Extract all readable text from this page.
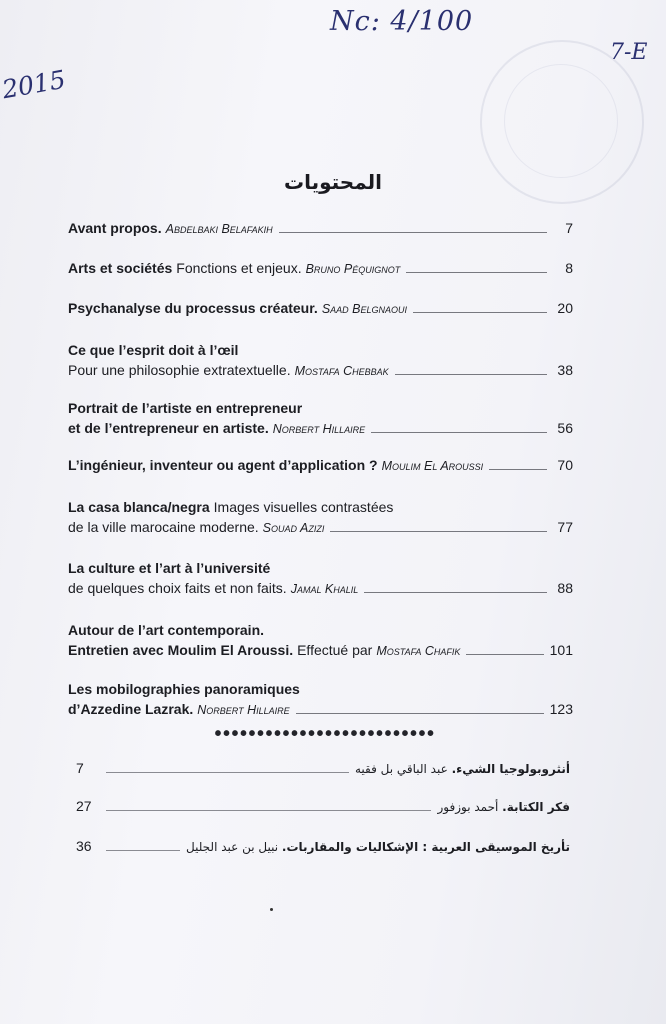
Nc: 4/100
2015
7-E
المحتويات
Avant propos. Abdelbaki Belafakih	7
Arts et sociétés Fonctions et enjeux. Bruno Péquignot	8
Psychanalyse du processus créateur. Saad Belgnaoui	20
Ce que l’esprit doit à l’œil
Pour une philosophie extratextuelle. Mostafa Chebbak	38
Portrait de l’artiste en entrepreneur
et de l’entrepreneur en artiste. Norbert Hillaire	56
L’ingénieur, inventeur ou agent d’application ? Moulim El Aroussi	70
La casa blanca/negra Images visuelles contrastées
de la ville marocaine moderne. Souad Azizi	77
La culture et l’art à l’université
de quelques choix faits et non faits. Jamal Khalil	88
Autour de l’art contemporain.
Entretien avec Moulim El Aroussi. Effectué par Mostafa Chafik	101
Les mobilographies panoramiques
d’Azzedine Lazrak. Norbert Hillaire	123
••••••••••••••••••••••••••
7	أنثروبولوجيا الشيء. عبد الباقي بل فقيه
27	فكر الكتابة. أحمد بوزفور
36	تأريخ الموسيقى العربية : الإشكاليات والمقاربات. نبيل بن عبد الجليل
